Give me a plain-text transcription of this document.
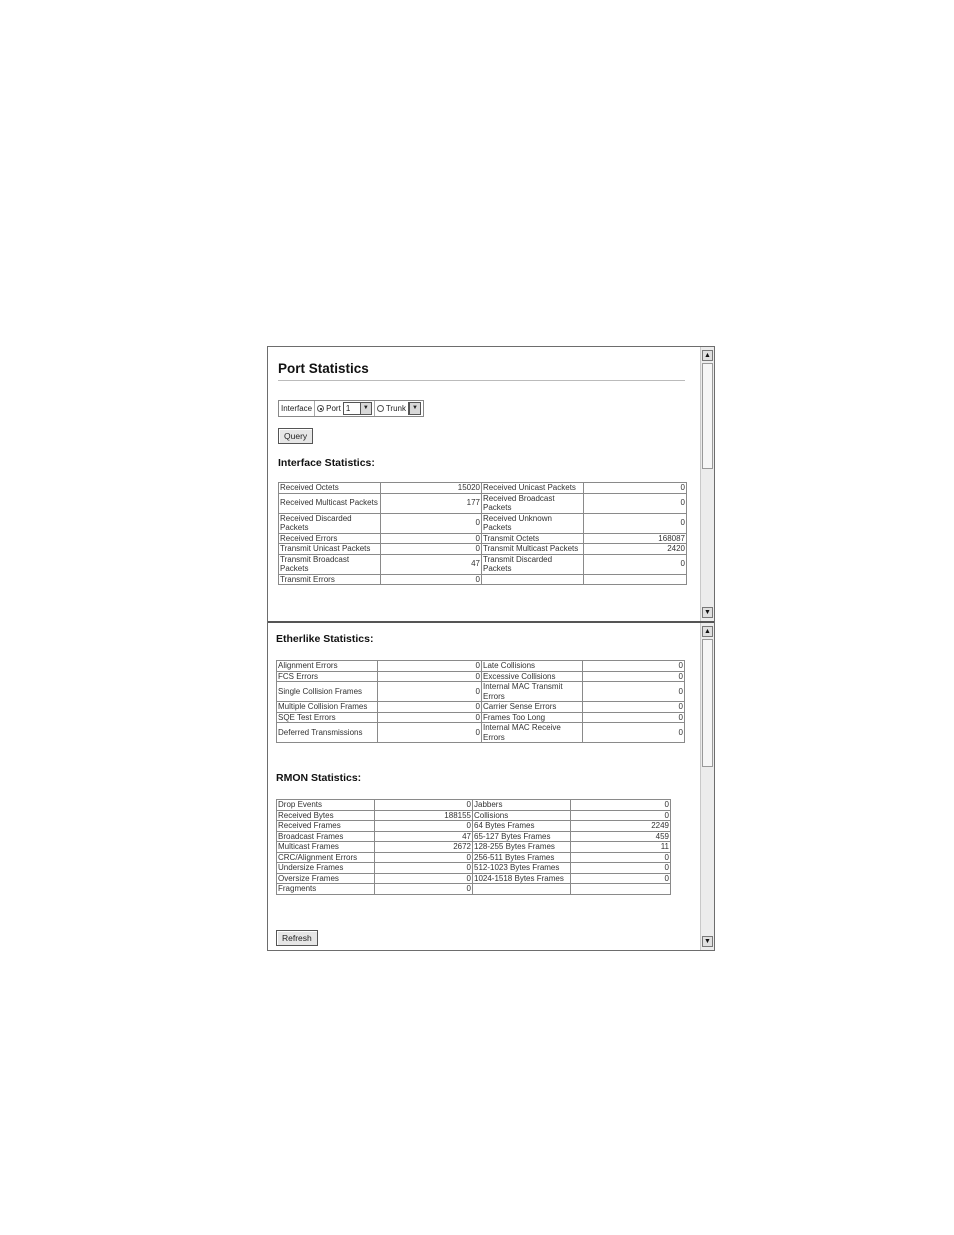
Port Statistics
Interface	Port 1	▼ Trunk	▼
Query
Interface Statistics:
Received Octets	15020	Received Unicast Packets	0
Received Multicast Packets	177	Received Broadcast Packets	0
Received Discarded Packets	0	Received Unknown Packets	0
Received Errors	0	Transmit Octets	168087
Transmit Unicast Packets	0	Transmit Multicast Packets	2420
Transmit Broadcast Packets	47	Transmit Discarded Packets	0
Transmit Errors	0		
▲
▼
Etherlike Statistics:
Alignment Errors	0	Late Collisions	0
FCS Errors	0	Excessive Collisions	0
Single Collision Frames	0	Internal MAC Transmit Errors	0
Multiple Collision Frames	0	Carrier Sense Errors	0
SQE Test Errors	0	Frames Too Long	0
Deferred Transmissions	0	Internal MAC Receive Errors	0
RMON Statistics:
Drop Events	0	Jabbers	0
Received Bytes	188155	Collisions	0
Received Frames	0	64 Bytes Frames	2249
Broadcast Frames	47	65-127 Bytes Frames	459
Multicast Frames	2672	128-255 Bytes Frames	11
CRC/Alignment Errors	0	256-511 Bytes Frames	0
Undersize Frames	0	512-1023 Bytes Frames	0
Oversize Frames	0	1024-1518 Bytes Frames	0
Fragments	0		
Refresh
▲
▼
